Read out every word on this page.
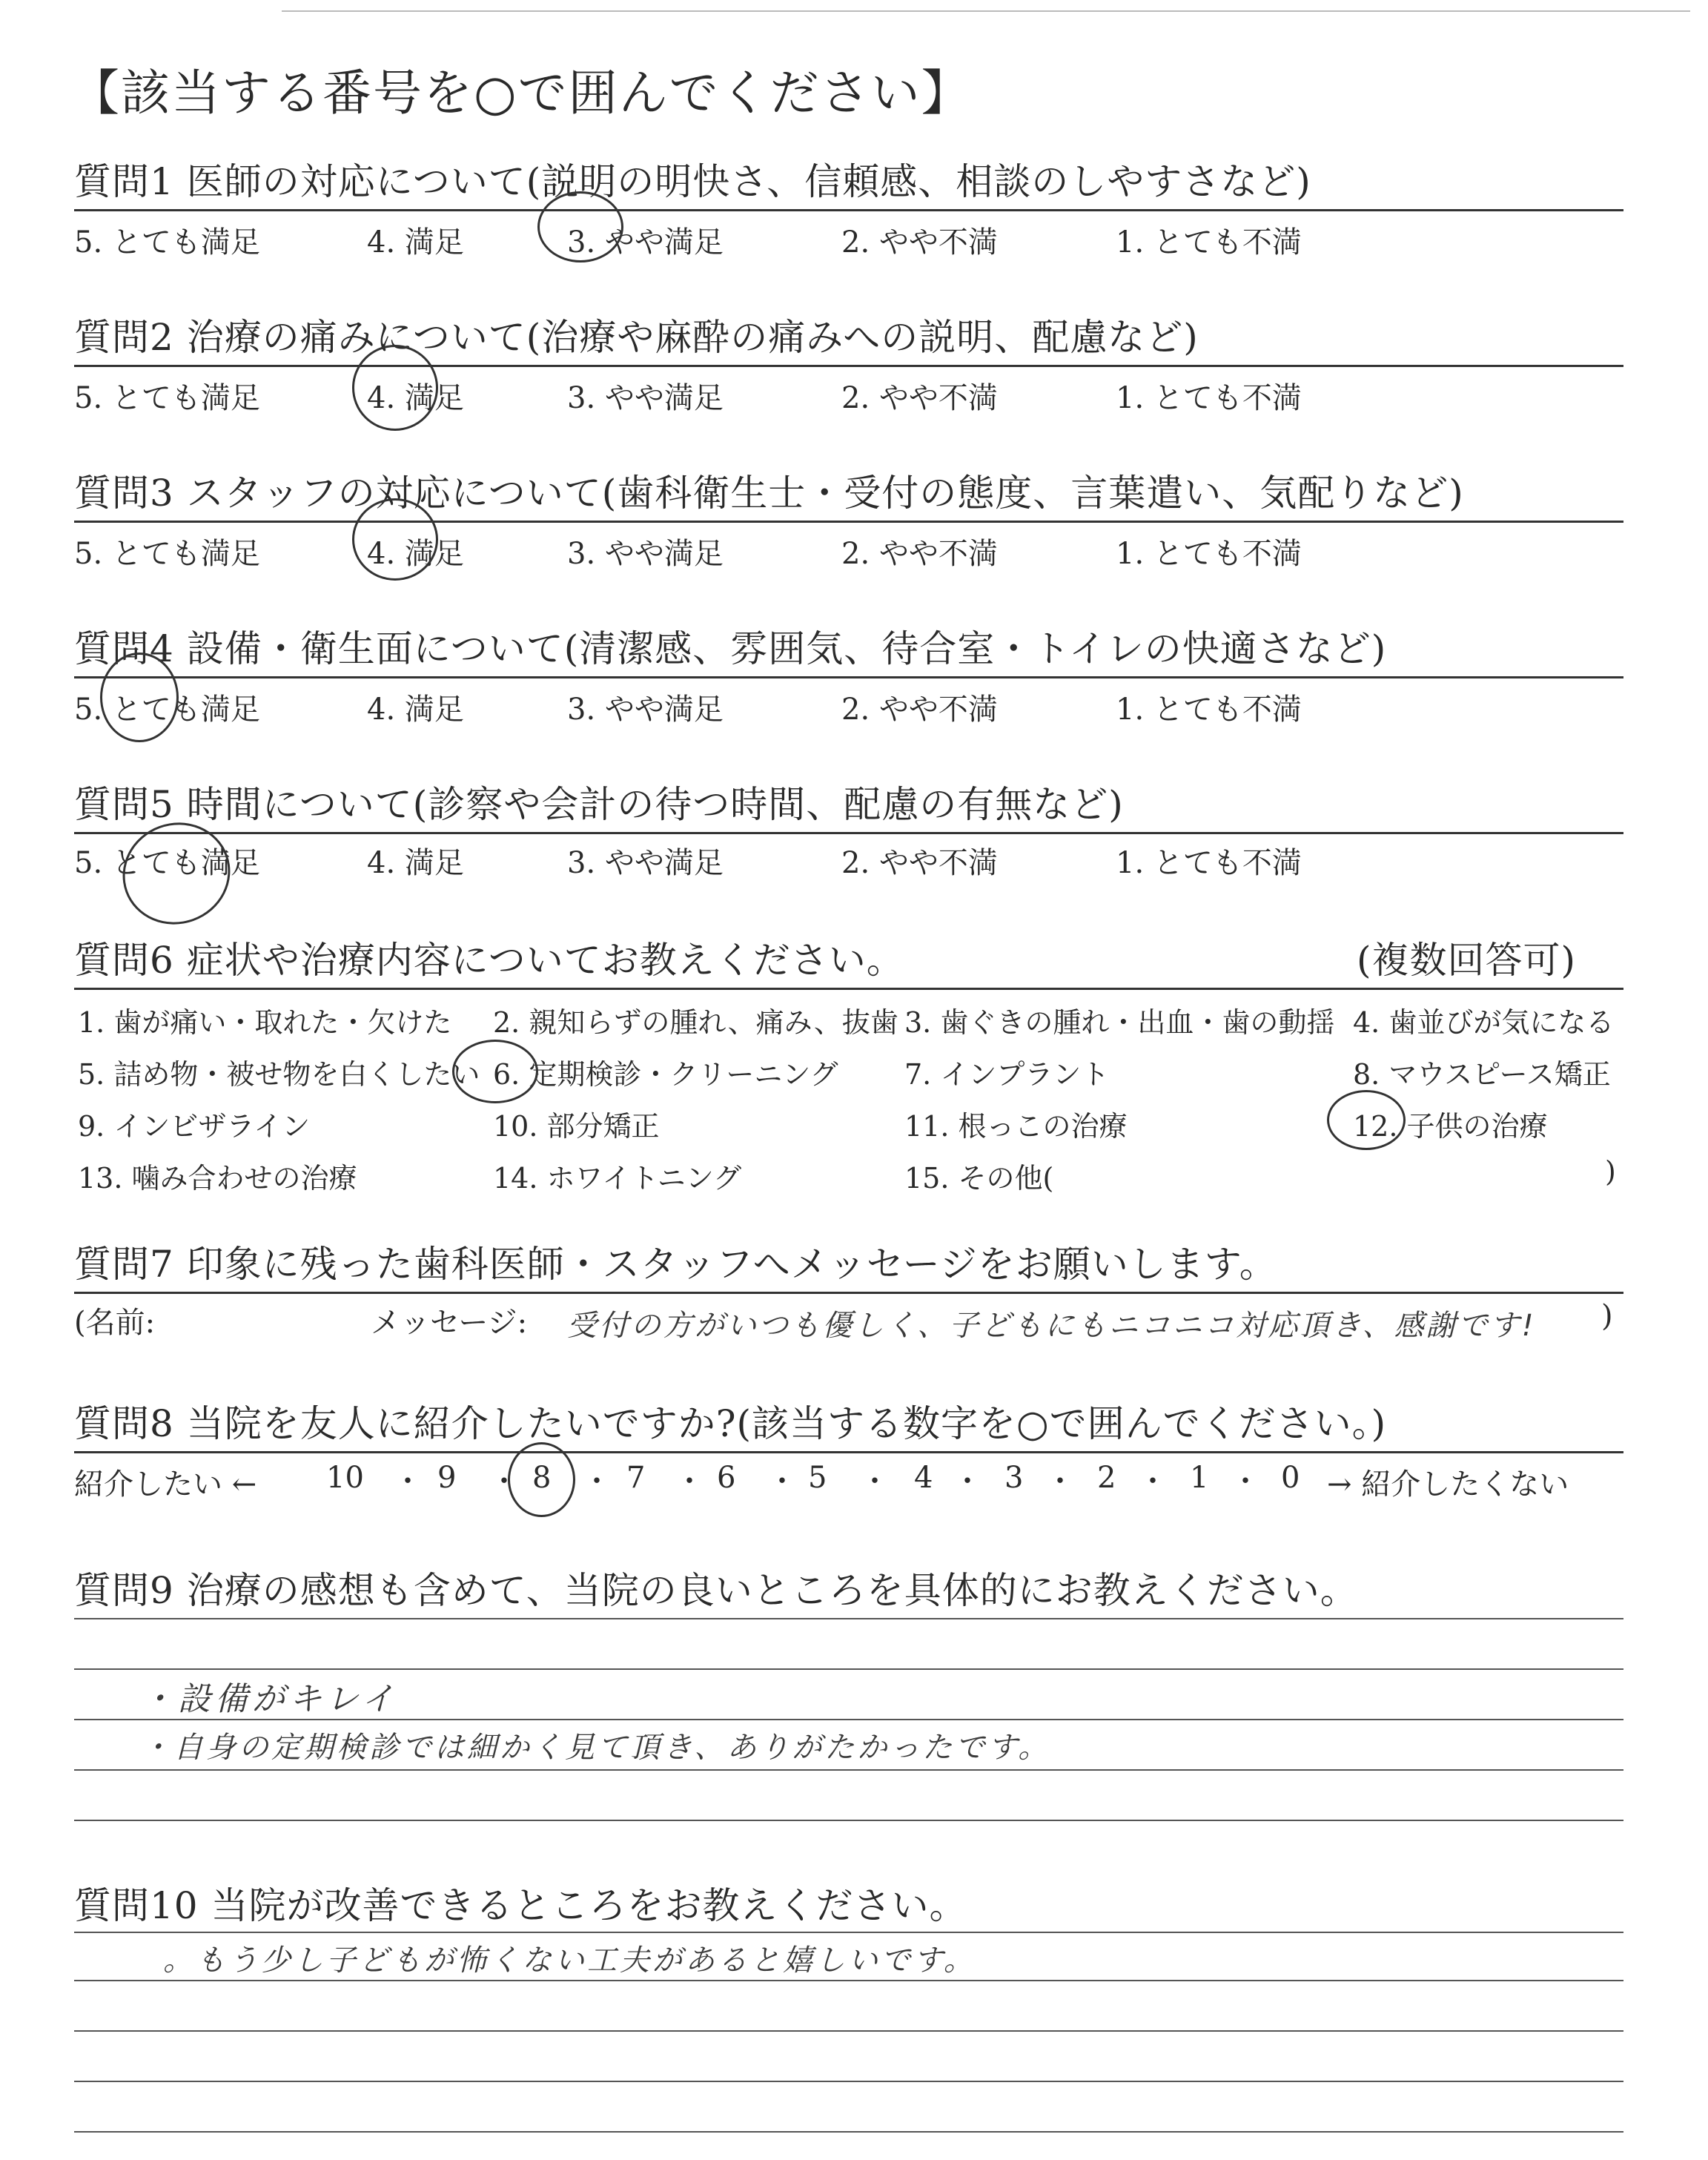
【該当する番号を○で囲んでください】
質問1 医師の対応について(説明の明快さ、信頼感、相談のしやすさなど)
5. とても満足	4. 満足	3. やや満足	2. やや不満	1. とても不満
質問2 治療の痛みについて(治療や麻酔の痛みへの説明、配慮など)
5. とても満足	4. 満足	3. やや満足	2. やや不満	1. とても不満
質問3 スタッフの対応について(歯科衛生士・受付の態度、言葉遣い、気配りなど)
5. とても満足	4. 満足	3. やや満足	2. やや不満	1. とても不満
質問4 設備・衛生面について(清潔感、雰囲気、待合室・トイレの快適さなど)
5. とても満足	4. 満足	3. やや満足	2. やや不満	1. とても不満
質問5 時間について(診察や会計の待つ時間、配慮の有無など)
5. とても満足	4. 満足	3. やや満足	2. やや不満	1. とても不満
質問6 症状や治療内容についてお教えください。	(複数回答可)
1. 歯が痛い・取れた・欠けた 2. 親知らずの腫れ、痛み、抜歯 3. 歯ぐきの腫れ・出血・歯の動揺 4. 歯並びが気になる
5. 詰め物・被せ物を白くしたい 6. 定期検診・クリーニング 7. インプラント	8. マウスピース矯正
9. インビザライン	10. 部分矯正	11. 根っこの治療	12. 子供の治療
13. 噛み合わせの治療	14. ホワイトニング	15. その他(	)
質問7 印象に残った歯科医師・スタッフへメッセージをお願いします。
(名前:	メッセージ: 受付の方がいつも優しく、子どもにもニコニコ対応頂き、感謝です! )
質問8 当院を友人に紹介したいですか?(該当する数字を○で囲んでください。)
紹介したい ← 10 9	8	7 6 5	4 3 2 1 0
・ ・ ・ ・ ・ ・ ・ ・ ・ ・ → 紹介したくない
質問9 治療の感想も含めて、当院の良いところを具体的にお教えください。
・設備がキレイ
・自身の定期検診では細かく見て頂き、ありがたかったです。
質問10 当院が改善できるところをお教えください。
。もう少し子どもが怖くない工夫があると嬉しいです。
